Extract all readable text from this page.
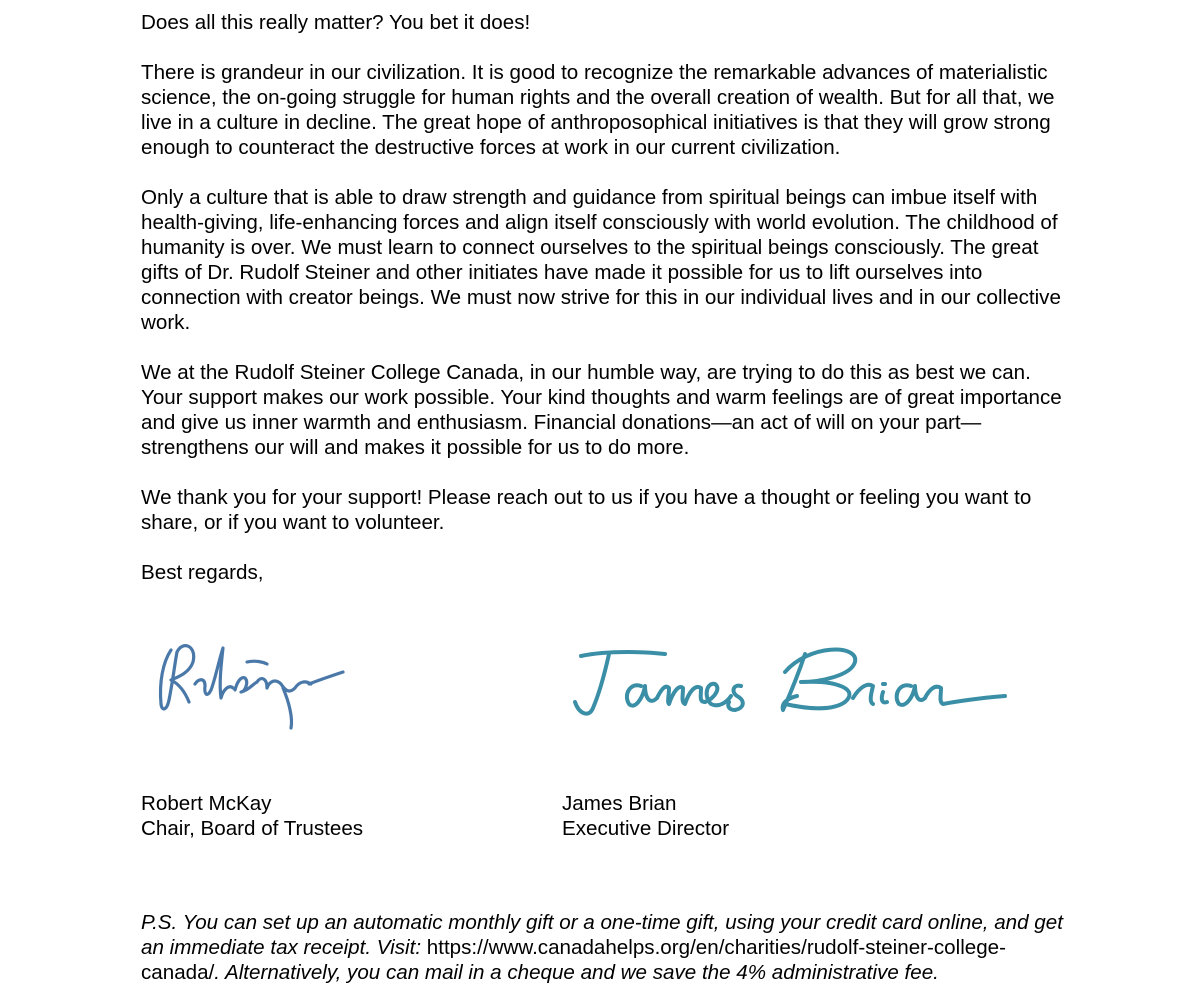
Does all this really matter? You bet it does!

There is grandeur in our civilization. It is good to recognize the remarkable advances of materialistic science, the on-going struggle for human rights and the overall creation of wealth. But for all that, we live in a culture in decline. The great hope of anthroposophical initiatives is that they will grow strong enough to counteract the destructive forces at work in our current civilization.

Only a culture that is able to draw strength and guidance from spiritual beings can imbue itself with health-giving, life-enhancing forces and align itself consciously with world evolution. The childhood of humanity is over. We must learn to connect ourselves to the spiritual beings consciously. The great gifts of Dr. Rudolf Steiner and other initiates have made it possible for us to lift ourselves into connection with creator beings. We must now strive for this in our individual lives and in our collective work.

We at the Rudolf Steiner College Canada, in our humble way, are trying to do this as best we can. Your support makes our work possible. Your kind thoughts and warm feelings are of great importance and give us inner warmth and enthusiasm. Financial donations—an act of will on your part—strengthens our will and makes it possible for us to do more.

We thank you for your support! Please reach out to us if you have a thought or feeling you want to share, or if you want to volunteer.

Best regards,

Robert McKay
Chair, Board of Trustees
James Brian
Executive Director

P.S. You can set up an automatic monthly gift or a one-time gift, using your credit card online, and get an immediate tax receipt. Visit: https://www.canadahelps.org/en/charities/rudolf-steiner-college-canada/. Alternatively, you can mail in a cheque and we save the 4% administrative fee.
